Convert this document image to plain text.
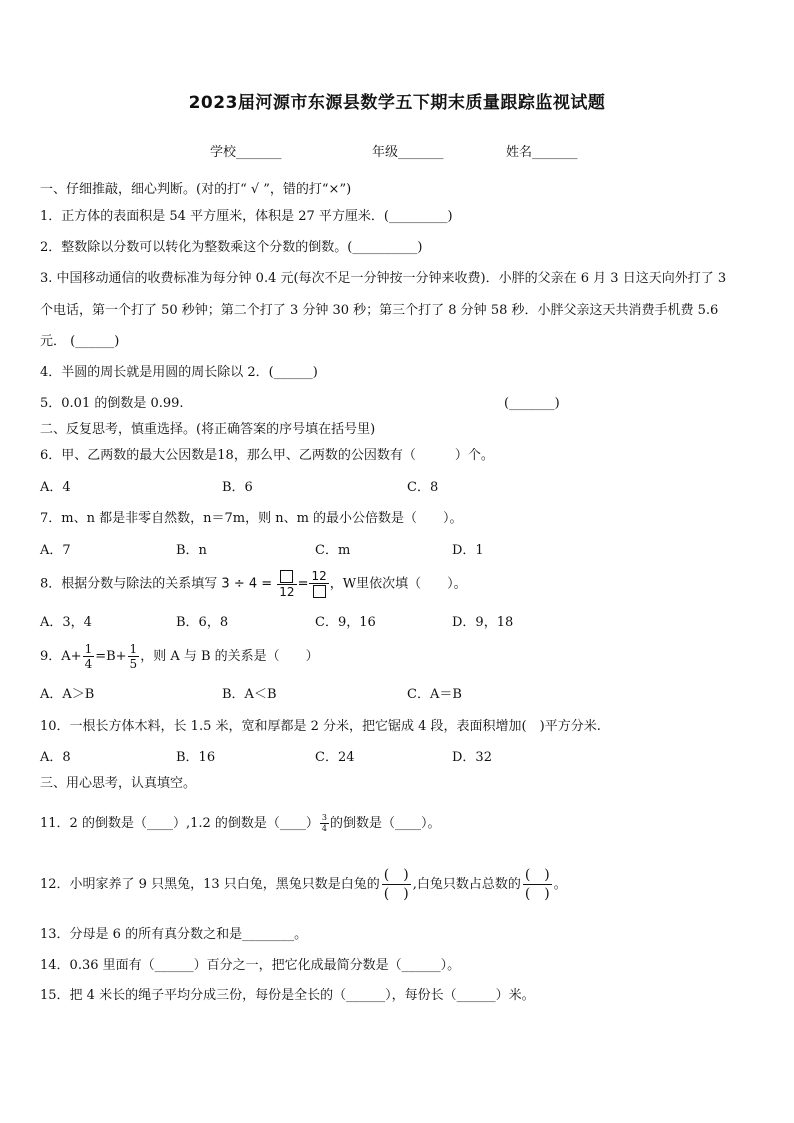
2023届河源市东源县数学五下期末质量跟踪监视试题
学校_______	年级_______	姓名_______
一、仔细推敲，细心判断。(对的打“ √ ”，错的打“×”)
1．正方体的表面积是 54 平方厘米，体积是 27 平方厘米．(_________)
2．整数除以分数可以转化为整数乘这个分数的倒数。(__________)
3. 中国移动通信的收费标准为每分钟 0.4 元(每次不足一分钟按一分钟来收费)．小胖的父亲在 6 月 3 日这天向外打了 3
个电话，第一个打了 50 秒钟；第二个打了 3 分钟 30 秒；第三个打了 8 分钟 58 秒．小胖父亲这天共消费手机费 5.6
元． (______)
4．半圆的周长就是用圆的周长除以 2．(______)
5．0.01 的倒数是 0.99.	(_______)
二、反复思考，慎重选择。(将正确答案的序号填在括号里)
6．甲、乙两数的最大公因数是18，那么甲、乙两数的公因数有（　　　）个。
A．4	B．6	C．8
7．m、n 都是非零自然数，n＝7m，则 n、m 的最小公倍数是（　　）。
A．7	B．n	C．m	D．1
8．根据分数与除法的关系填写 3 ÷ 4 =
12
=
12
，W里依次填（　　）。
A．3，4	B．6，8	C．9，16	D．9，18
9．$A+ \frac{1}{4} =B+ \frac{1}{5}$ ，则 A 与 B 的关系是（　　）
A．A＞B	B．A＜B	C．A＝B
10．一根长方体木料，长 1.5 米，宽和厚都是 2 分米，把它锯成 4 段，表面积增加(　)平方分米.
A．8	B．16	C．24	D．32
三、用心思考，认真填空。
11．2 的倒数是（____）,1.2 的倒数是（____） $\frac{3}{4}$ 的倒数是（____）。
12．小明家养了 9 只黑兔，13 只白兔，黑兔只数是白兔的
(　)
(　)
,白兔只数占总数的
(　)
(　)
。
13．分母是 6 的所有真分数之和是________。
14．0.36 里面有（______）百分之一，把它化成最简分数是（______）。
15．把 4 米长的绳子平均分成三份，每份是全长的（______），每份长（______）米。
